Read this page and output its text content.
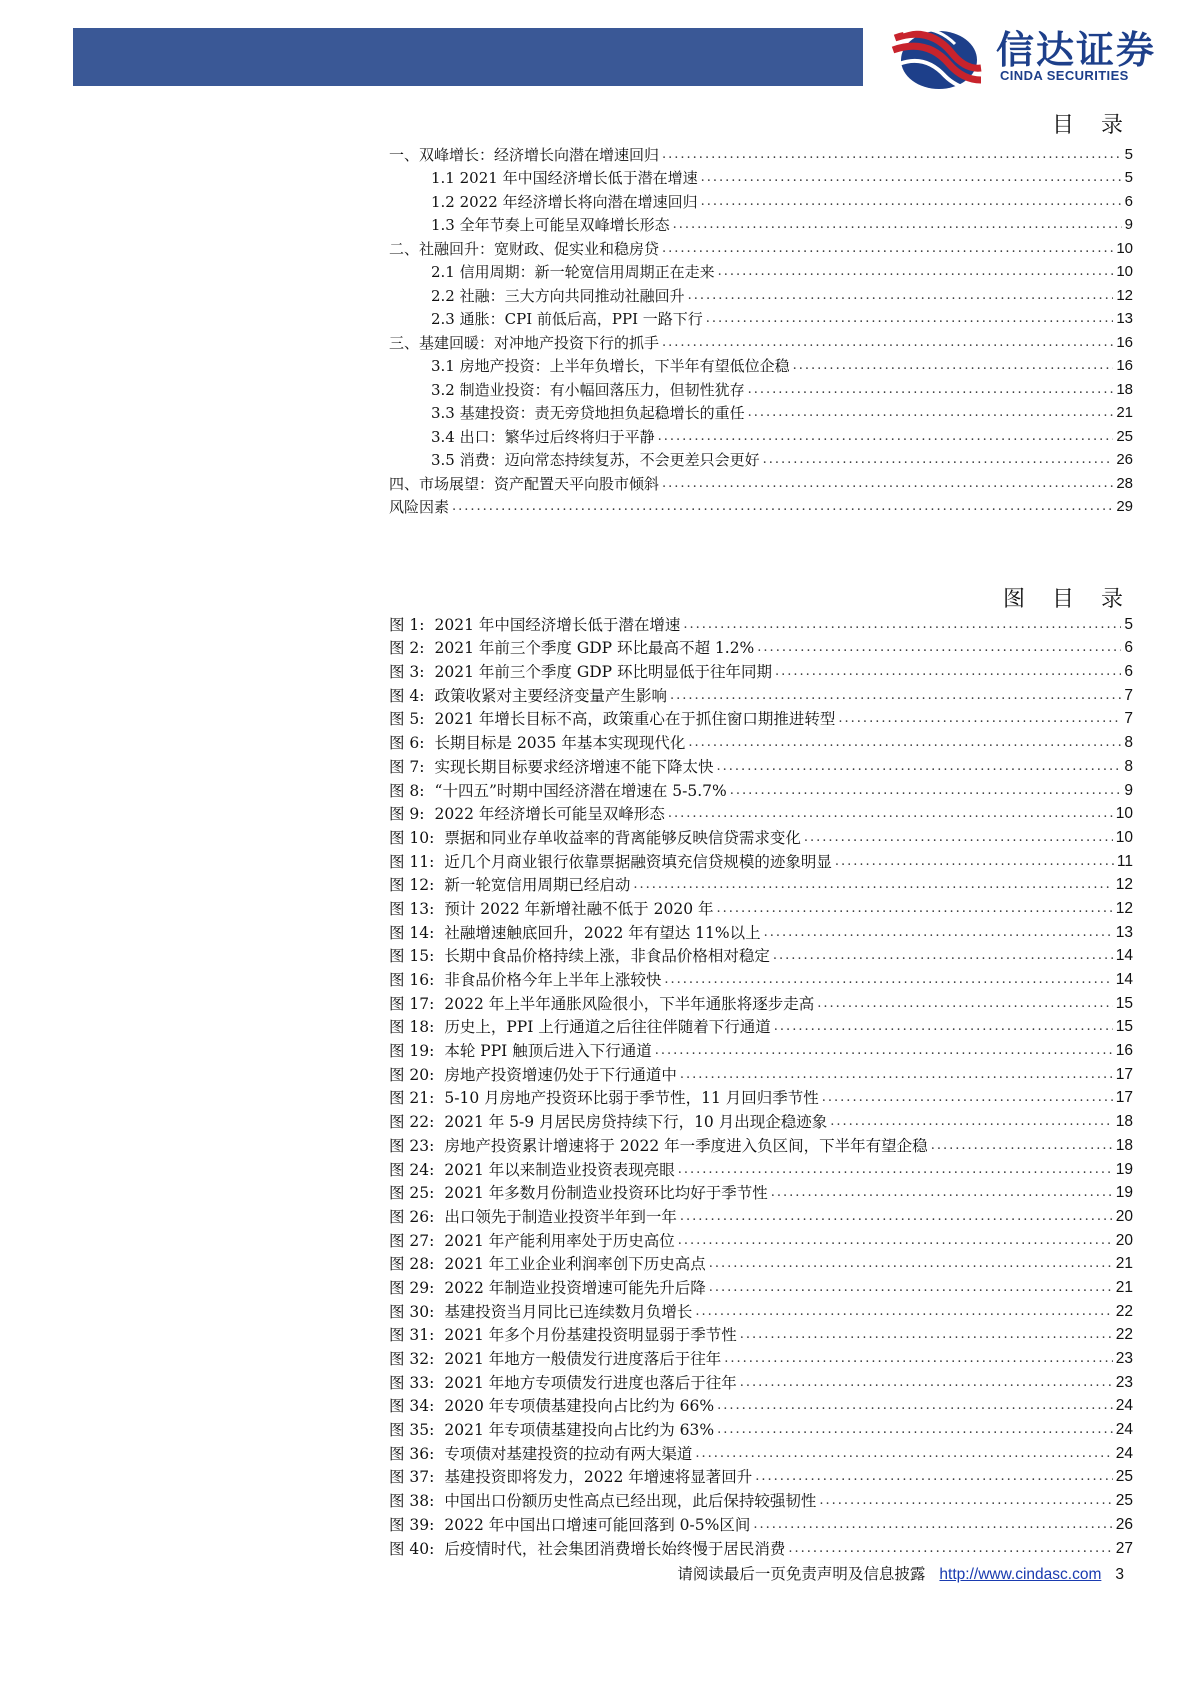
信达证券
CINDA SECURITIES
目 录
一、双峰增长：经济增长向潜在增速回归 .....	5
1.1 2021 年中国经济增长低于潜在增速 .....	5
1.2 2022 年经济增长将向潜在增速回归 .....	6
1.3 全年节奏上可能呈双峰增长形态 .....	9
二、社融回升：宽财政、促实业和稳房贷 .....	10
2.1 信用周期：新一轮宽信用周期正在走来 .....	10
2.2 社融：三大方向共同推动社融回升 .....	12
2.3 通胀：CPI 前低后高，PPI 一路下行 .....	13
三、基建回暖：对冲地产投资下行的抓手 .....	16
3.1 房地产投资：上半年负增长，下半年有望低位企稳 .....	16
3.2 制造业投资：有小幅回落压力，但韧性犹存 .....	18
3.3 基建投资：责无旁贷地担负起稳增长的重任 .....	21
3.4 出口：繁华过后终将归于平静 .....	25
3.5 消费：迈向常态持续复苏，不会更差只会更好 .....	26
四、市场展望：资产配置天平向股市倾斜 .....	28
风险因素 .....	29
图 目 录
图 1: 2021 年中国经济增长低于潜在增速 .....	5
图 2: 2021 年前三个季度 GDP 环比最高不超 1.2% .....	6
图 3: 2021 年前三个季度 GDP 环比明显低于往年同期 .....	6
图 4: 政策收紧对主要经济变量产生影响 .....	7
图 5: 2021 年增长目标不高，政策重心在于抓住窗口期推进转型 .....	7
图 6: 长期目标是 2035 年基本实现现代化 .....	8
图 7: 实现长期目标要求经济增速不能下降太快 .....	8
图 8: “十四五”时期中国经济潜在增速在 5-5.7% .....	9
图 9: 2022 年经济增长可能呈双峰形态 .....	10
图 10: 票据和同业存单收益率的背离能够反映信贷需求变化 .....	10
图 11: 近几个月商业银行依靠票据融资填充信贷规模的迹象明显 .....	11
图 12: 新一轮宽信用周期已经启动 .....	12
图 13: 预计 2022 年新增社融不低于 2020 年 .....	12
图 14: 社融增速触底回升，2022 年有望达 11%以上 .....	13
图 15: 长期中食品价格持续上涨，非食品价格相对稳定 .....	14
图 16: 非食品价格今年上半年上涨较快 .....	14
图 17: 2022 年上半年通胀风险很小，下半年通胀将逐步走高 .....	15
图 18: 历史上，PPI 上行通道之后往往伴随着下行通道 .....	15
图 19: 本轮 PPI 触顶后进入下行通道 .....	16
图 20: 房地产投资增速仍处于下行通道中 .....	17
图 21: 5-10 月房地产投资环比弱于季节性，11 月回归季节性 .....	17
图 22: 2021 年 5-9 月居民房贷持续下行，10 月出现企稳迹象 .....	18
图 23: 房地产投资累计增速将于 2022 年一季度进入负区间，下半年有望企稳 .....	18
图 24: 2021 年以来制造业投资表现亮眼 .....	19
图 25: 2021 年多数月份制造业投资环比均好于季节性 .....	19
图 26: 出口领先于制造业投资半年到一年 .....	20
图 27: 2021 年产能利用率处于历史高位 .....	20
图 28: 2021 年工业企业利润率创下历史高点 .....	21
图 29: 2022 年制造业投资增速可能先升后降 .....	21
图 30: 基建投资当月同比已连续数月负增长 .....	22
图 31: 2021 年多个月份基建投资明显弱于季节性 .....	22
图 32: 2021 年地方一般债发行进度落后于往年 .....	23
图 33: 2021 年地方专项债发行进度也落后于往年 .....	23
图 34: 2020 年专项债基建投向占比约为 66% .....	24
图 35: 2021 年专项债基建投向占比约为 63% .....	24
图 36: 专项债对基建投资的拉动有两大渠道 .....	24
图 37: 基建投资即将发力，2022 年增速将显著回升 .....	25
图 38: 中国出口份额历史性高点已经出现，此后保持较强韧性 .....	25
图 39: 2022 年中国出口增速可能回落到 0-5%区间 .....	26
图 40: 后疫情时代，社会集团消费增长始终慢于居民消费 .....	27
请阅读最后一页免责声明及信息披露 http://www.cindasc.com 3
